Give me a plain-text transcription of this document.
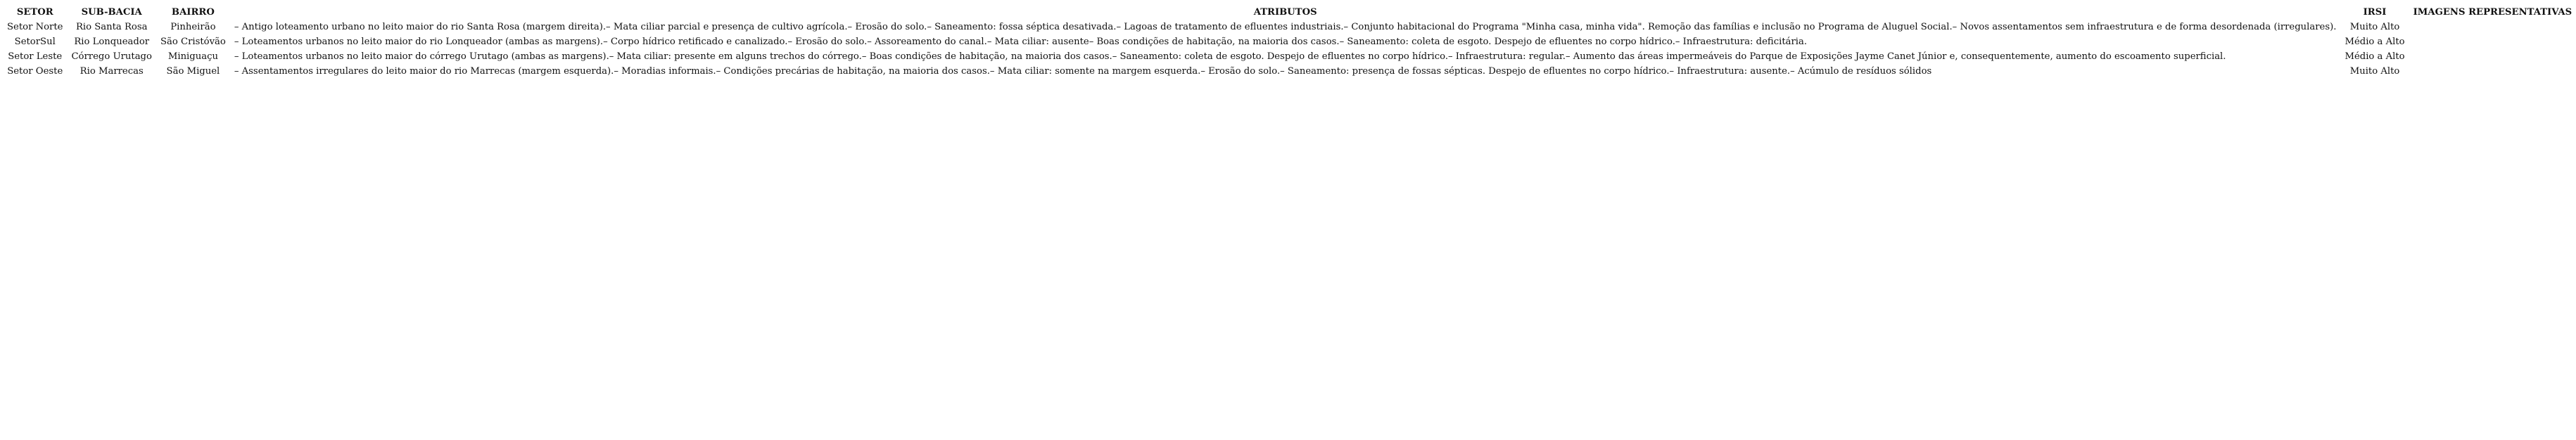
SETOR	SUB-BACIA	BAIRRO	ATRIBUTOS	IRSI	IMAGENS REPRESENTATIVAS
Setor Norte	Rio Santa Rosa	Pinheirão	– Antigo loteamento urbano no leito maior do rio Santa Rosa (margem direita).– Mata ciliar parcial e presença de cultivo agrícola.– Erosão do solo.– Saneamento: fossa séptica desativada.– Lagoas de tratamento de efluentes industriais.– Conjunto habitacional do Programa "Minha casa, minha vida". Remoção das famílias e inclusão no Programa de Aluguel Social.– Novos assentamentos sem infraestrutura e de forma desordenada (irregulares).	Muito Alto	
SetorSul	Rio Lonqueador	São Cristóvão	– Loteamentos urbanos no leito maior do rio Lonqueador (ambas as margens).– Corpo hídrico retificado e canalizado.– Erosão do solo.– Assoreamento do canal.– Mata ciliar: ausente– Boas condições de habitação, na maioria dos casos.– Saneamento: coleta de esgoto. Despejo de efluentes no corpo hídrico.– Infraestrutura: deficitária.	Médio a Alto	
Setor Leste	Córrego Urutago	Miniguaçu	– Loteamentos urbanos no leito maior do córrego Urutago (ambas as margens).– Mata ciliar: presente em alguns trechos do córrego.– Boas condições de habitação, na maioria dos casos.– Saneamento: coleta de esgoto. Despejo de efluentes no corpo hídrico.– Infraestrutura: regular.– Aumento das áreas impermeáveis do Parque de Exposições Jayme Canet Júnior e, consequentemente, aumento do escoamento superficial.	Médio a Alto	
Setor Oeste	Rio Marrecas	São Miguel	– Assentamentos irregulares do leito maior do rio Marrecas (margem esquerda).– Moradias informais.– Condições precárias de habitação, na maioria dos casos.– Mata ciliar: somente na margem esquerda.– Erosão do solo.– Saneamento: presença de fossas sépticas. Despejo de efluentes no corpo hídrico.– Infraestrutura: ausente.– Acúmulo de resíduos sólidos	Muito Alto	
